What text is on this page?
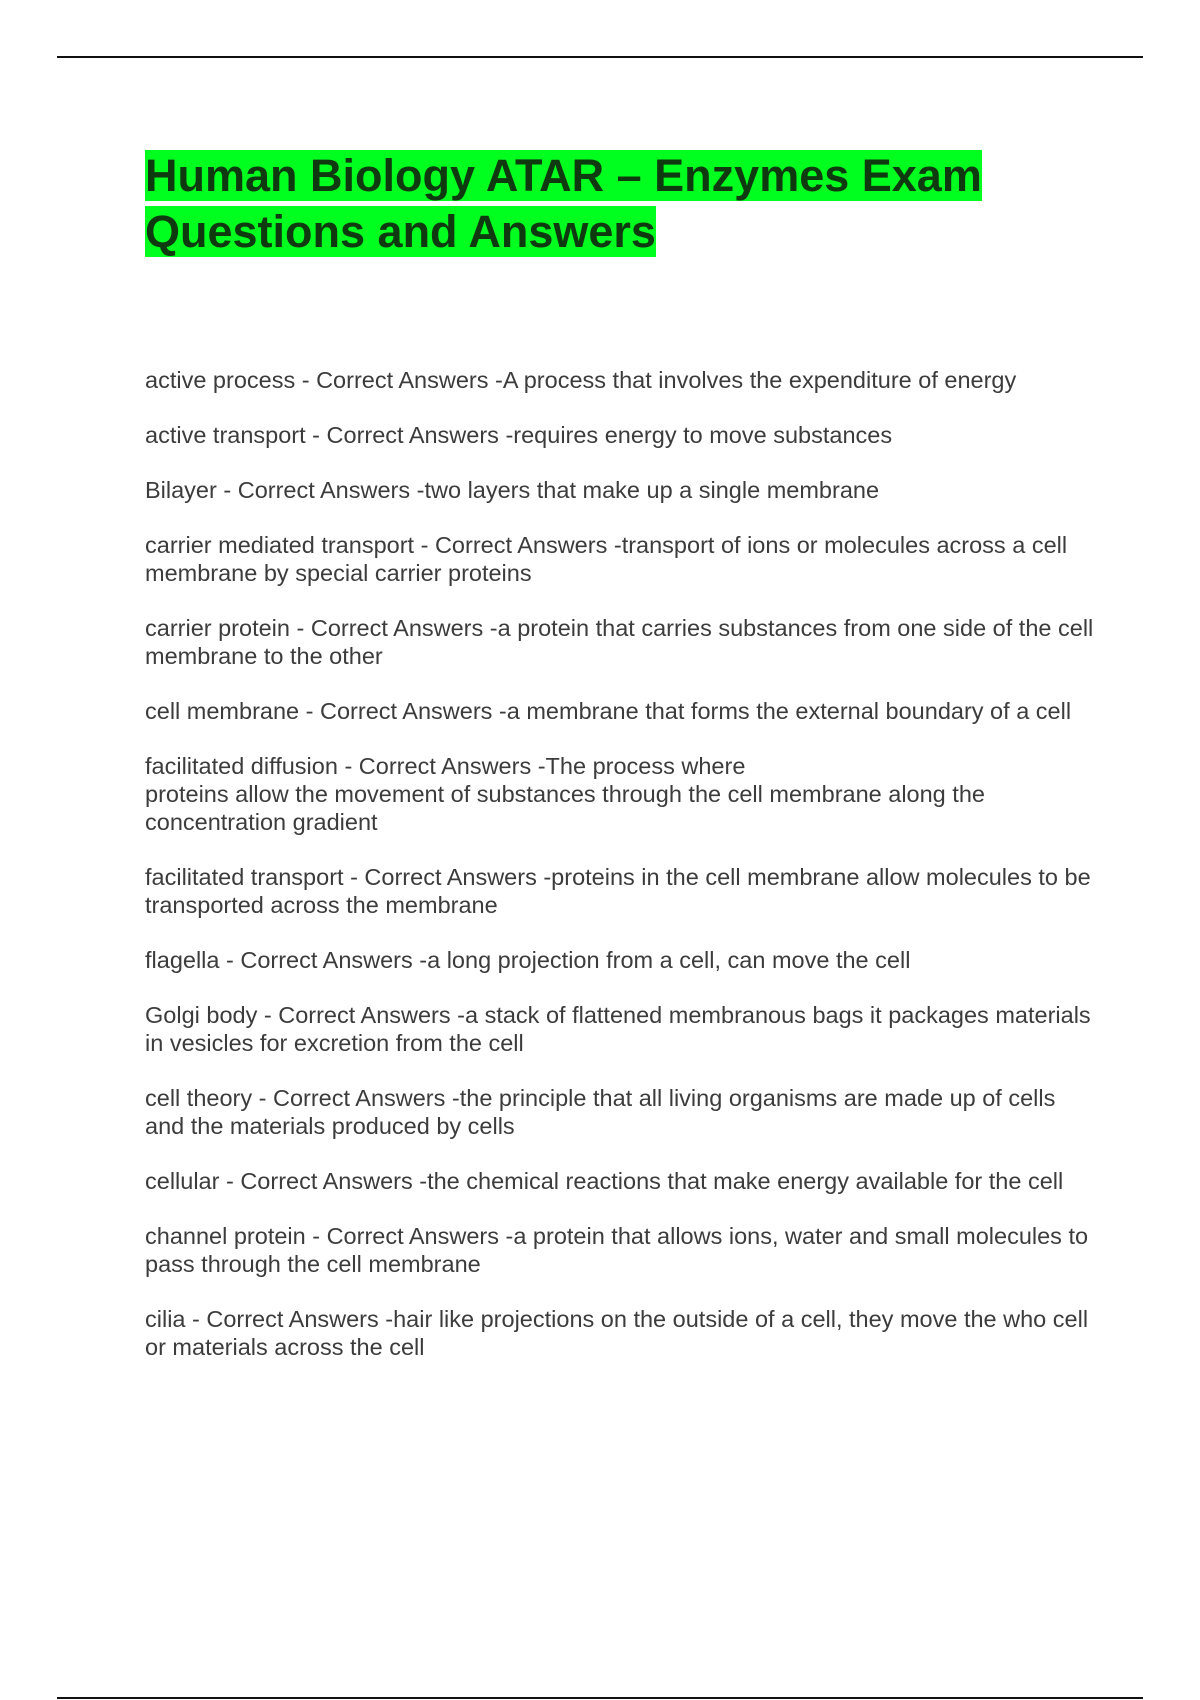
Human Biology ATAR – Enzymes Exam Questions and Answers
active process - Correct Answers -A process that involves the expenditure of energy
active transport - Correct Answers -requires energy to move substances
Bilayer - Correct Answers -two layers that make up a single membrane
carrier mediated transport - Correct Answers -transport of ions or molecules across a cell membrane by special carrier proteins
carrier protein - Correct Answers -a protein that carries substances from one side of the cell membrane to the other
cell membrane - Correct Answers -a membrane that forms the external boundary of a cell
facilitated diffusion - Correct Answers -The process where
proteins allow the movement of substances through the cell membrane along the concentration gradient
facilitated transport - Correct Answers -proteins in the cell membrane allow molecules to be transported across the membrane
flagella - Correct Answers -a long projection from a cell, can move the cell
Golgi body - Correct Answers -a stack of flattened membranous bags it packages materials in vesicles for excretion from the cell
cell theory - Correct Answers -the principle that all living organisms are made up of cells and the materials produced by cells
cellular - Correct Answers -the chemical reactions that make energy available for the cell
channel protein - Correct Answers -a protein that allows ions, water and small molecules to pass through the cell membrane
cilia - Correct Answers -hair like projections on the outside of a cell, they move the who cell or materials across the cell
